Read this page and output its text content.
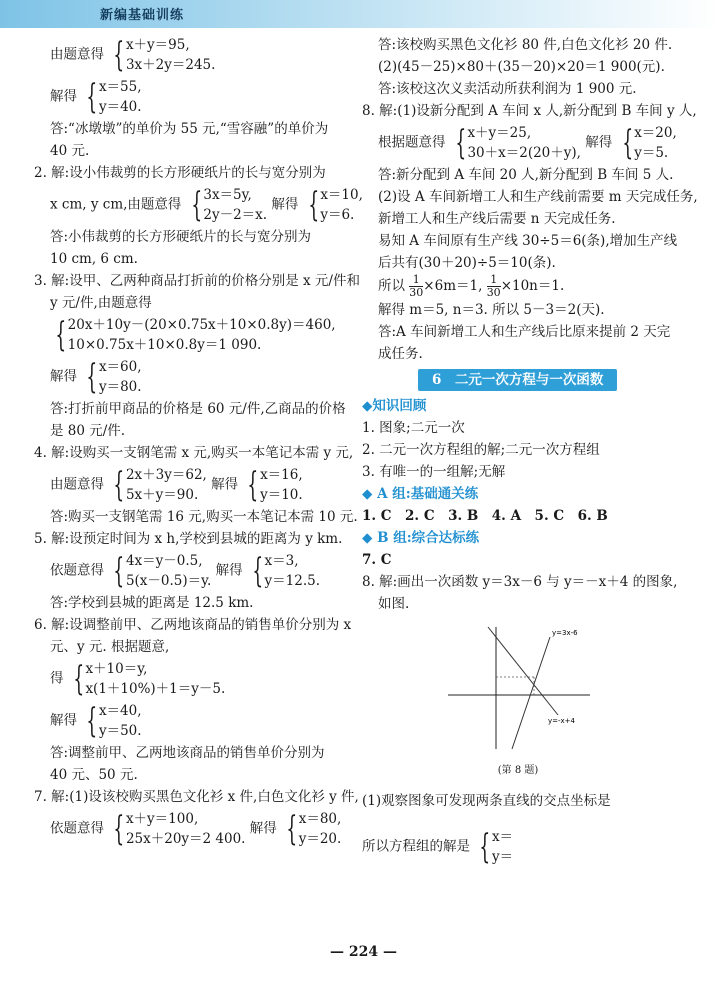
新编基础训练

由题意得 { x＋y＝95,
3x＋2y＝245.

解得 { x＝55,
y＝40.

答:“冰墩墩”的单价为 55 元,“雪容融”的单价为

40 元.

2. 解:设小伟裁剪的长方形硬纸片的长与宽分别为

x cm, y cm,由题意得 { 3x＝5y,
2y－2＝x.
解得 { x＝10,
y＝6.

答:小伟裁剪的长方形硬纸片的长与宽分别为

10 cm, 6 cm.

3. 解:设甲、乙两种商品打折前的价格分别是 x 元/件和

y 元/件,由题意得

{ 20x＋10y－(20×0.75x＋10×0.8y)＝460,
10×0.75x＋10×0.8y＝1 090.

解得 { x＝60,
y＝80.

答:打折前甲商品的价格是 60 元/件,乙商品的价格

是 80 元/件.

4. 解:设购买一支钢笔需 x 元,购买一本笔记本需 y 元,

由题意得 { 2x＋3y＝62,
5x＋y＝90.
解得 { x＝16,
y＝10.

答:购买一支钢笔需 16 元,购买一本笔记本需 10 元.

5. 解:设预定时间为 x h,学校到县城的距离为 y km.

依题意得 { 4x＝y－0.5,
5(x－0.5)＝y.
解得 { x＝3,
y＝12.5.

答:学校到县城的距离是 12.5 km.

6. 解:设调整前甲、乙两地该商品的销售单价分别为 x

元、y 元. 根据题意,

得 { x＋10＝y,
x(1＋10%)＋1＝y－5.

解得 { x＝40,
y＝50.

答:调整前甲、乙两地该商品的销售单价分别为

40 元、50 元.

7. 解:(1)设该校购买黑色文化衫 x 件,白色文化衫 y 件,

依题意得 { x＋y＝100,
25x＋20y＝2 400.
解得 { x＝80,
y＝20.

答:该校购买黑色文化衫 80 件,白色文化衫 20 件.

(2)(45－25)×80＋(35－20)×20＝1 900(元).

答:该校这次义卖活动所获利润为 1 900 元.

8. 解:(1)设新分配到 A 车间 x 人,新分配到 B 车间 y 人,

根据题意得 { x＋y＝25,
30＋x＝2(20＋y),
解得 { x＝20,
y＝5.

答:新分配到 A 车间 20 人,新分配到 B 车间 5 人.

(2)设 A 车间新增工人和生产线前需要 m 天完成任务,

新增工人和生产线后需要 n 天完成任务.

易知 A 车间原有生产线 30÷5＝6(条),增加生产线

后共有(30＋20)÷5＝10(条).

所以 $\frac{1}{30} \times 6m=1$, $\frac{1}{30} \times 10n=1$.

解得 m＝5, n＝3. 所以 5－3＝2(天).

答:A 车间新增工人和生产线后比原来提前 2 天完

成任务.

6　二元一次方程与一次函数

◆知识回顾

1. 图象;二元一次

2. 二元一次方程组的解;二元一次方程组

3. 有唯一的一组解;无解

◆ A 组:基础通关练

1. C　2. C　3. B　4. A　5. C　6. B

◆ B 组:综合达标练

7. C

8. 解:画出一次函数 y＝3x－6 与 y＝－x＋4 的图象,

如图.

y=3x-6
y=-x+4
(第 8 题)

(1)观察图象可发现两条直线的交点坐标是

所以方程组的解是 { x＝
y＝

— 224 —
